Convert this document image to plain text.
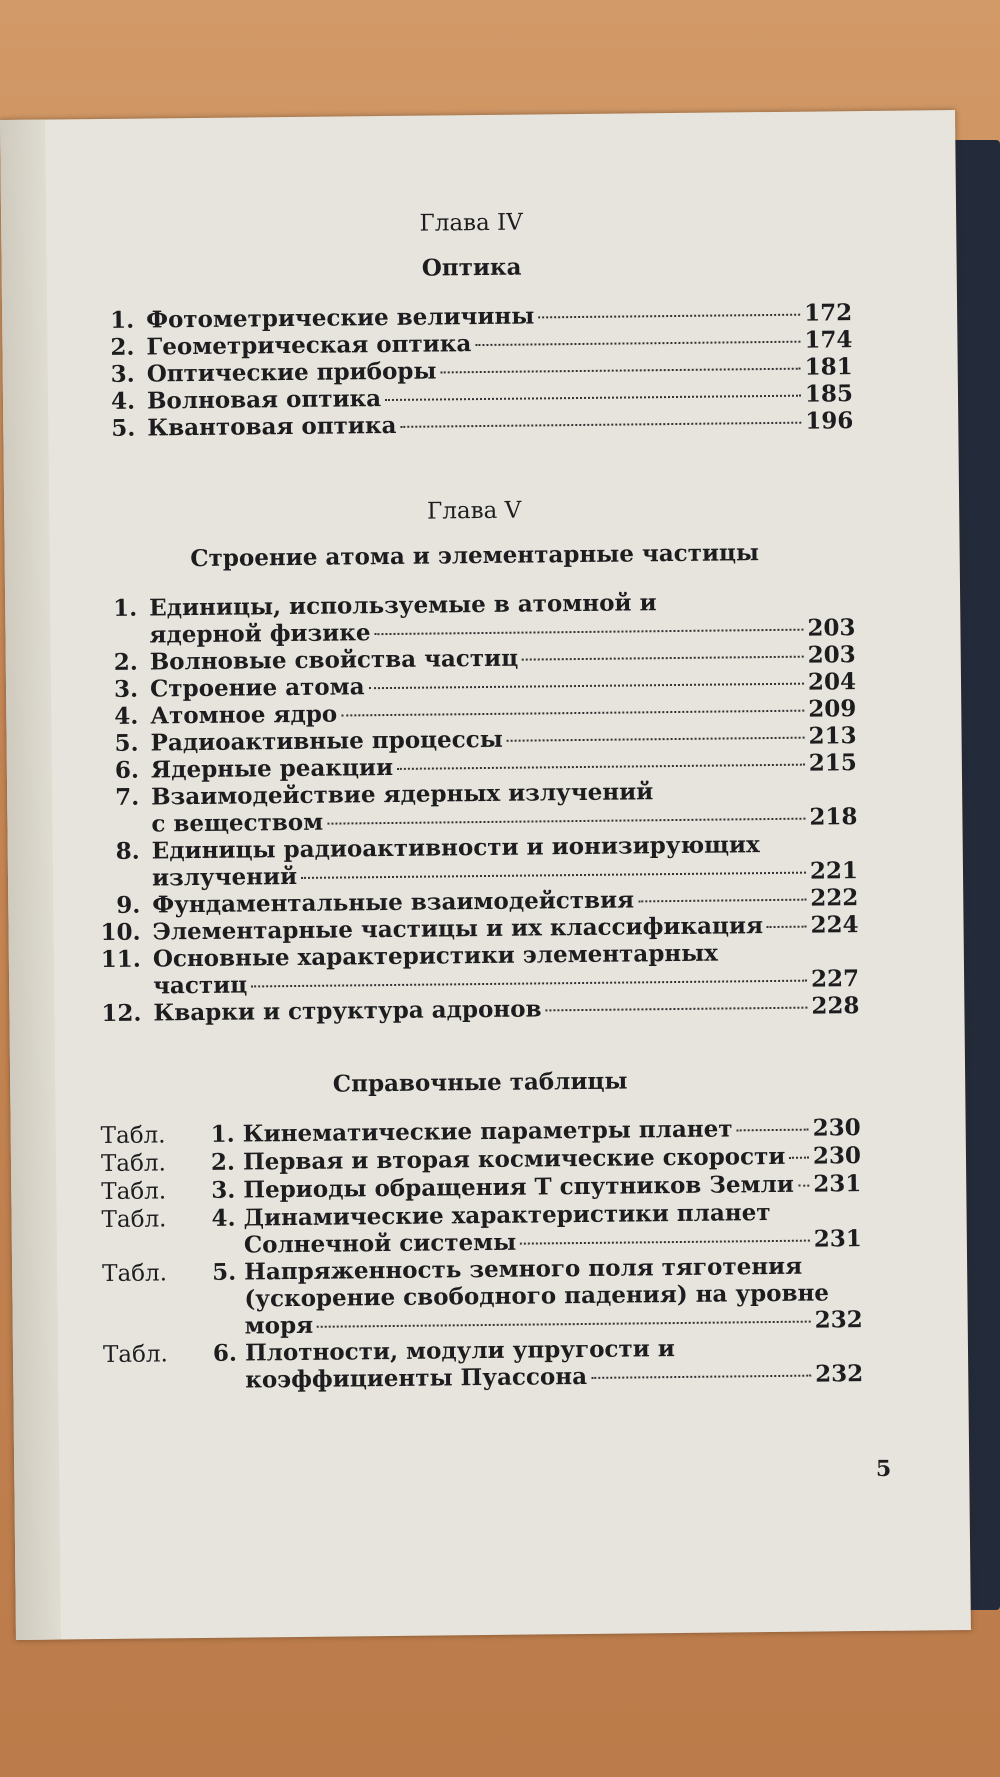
Глава IV
Оптика
1. Фотометрические величины	172
2. Геометрическая оптика	174
3. Оптические приборы	181
4. Волновая оптика	185
5. Квантовая оптика	196
Глава V
Строение атома и элементарные частицы
1. Единицы, используемые в атомной и
ядерной физике	203
2. Волновые свойства частиц	203
3. Строение атома	204
4. Атомное ядро	209
5. Радиоактивные процессы	213
6. Ядерные реакции	215
7. Взаимодействие ядерных излучений
с веществом	218
8. Единицы радиоактивности и ионизирующих
излучений	221
9. Фундаментальные взаимодействия	222
10. Элементарные частицы и их классификация 224
11. Основные характеристики элементарных
частиц	227
12. Кварки и структура адронов	228
Справочные таблицы
Табл.	1. Кинематические параметры планет	230
Табл.	2. Первая и вторая космические скорости 230
Табл.	3. Периоды обращения Т спутников Земли 231
Табл.	4. Динамические характеристики планет
Солнечной системы	231
Табл.	5. Напряженность земного поля тяготения
(ускорение свободного падения) на уровне
моря	232
Табл.	6. Плотности, модули упругости и
коэффициенты Пуассона	232
5
